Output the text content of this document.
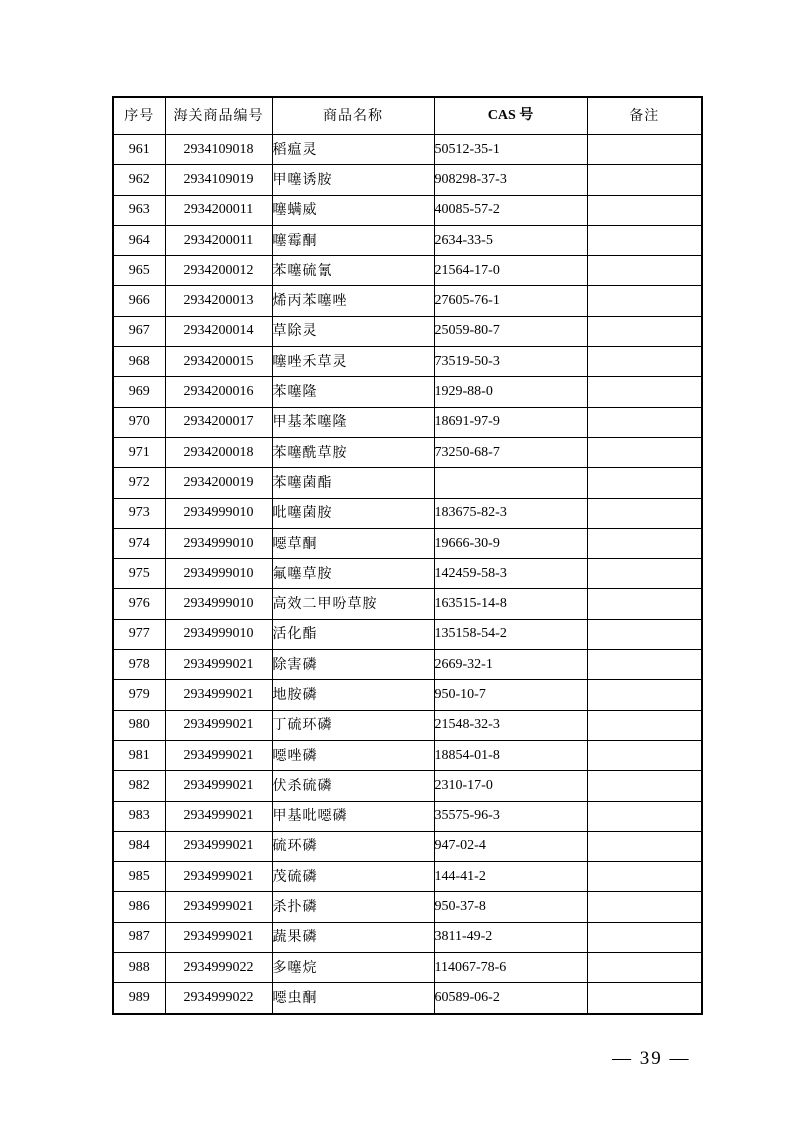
序号	海关商品编号	商品名称	CAS 号	备注
961	2934109018	稻瘟灵	50512-35-1	
962	2934109019	甲噻诱胺	908298-37-3	
963	2934200011	噻螨威	40085-57-2	
964	2934200011	噻霉酮	2634-33-5	
965	2934200012	苯噻硫氰	21564-17-0	
966	2934200013	烯丙苯噻唑	27605-76-1	
967	2934200014	草除灵	25059-80-7	
968	2934200015	噻唑禾草灵	73519-50-3	
969	2934200016	苯噻隆	1929-88-0	
970	2934200017	甲基苯噻隆	18691-97-9	
971	2934200018	苯噻酰草胺	73250-68-7	
972	2934200019	苯噻菌酯		
973	2934999010	吡噻菌胺	183675-82-3	
974	2934999010	噁草酮	19666-30-9	
975	2934999010	氟噻草胺	142459-58-3	
976	2934999010	高效二甲吩草胺	163515-14-8	
977	2934999010	活化酯	135158-54-2	
978	2934999021	除害磷	2669-32-1	
979	2934999021	地胺磷	950-10-7	
980	2934999021	丁硫环磷	21548-32-3	
981	2934999021	噁唑磷	18854-01-8	
982	2934999021	伏杀硫磷	2310-17-0	
983	2934999021	甲基吡噁磷	35575-96-3	
984	2934999021	硫环磷	947-02-4	
985	2934999021	茂硫磷	144-41-2	
986	2934999021	杀扑磷	950-37-8	
987	2934999021	蔬果磷	3811-49-2	
988	2934999022	多噻烷	114067-78-6	
989	2934999022	噁虫酮	60589-06-2	
— 39 —
